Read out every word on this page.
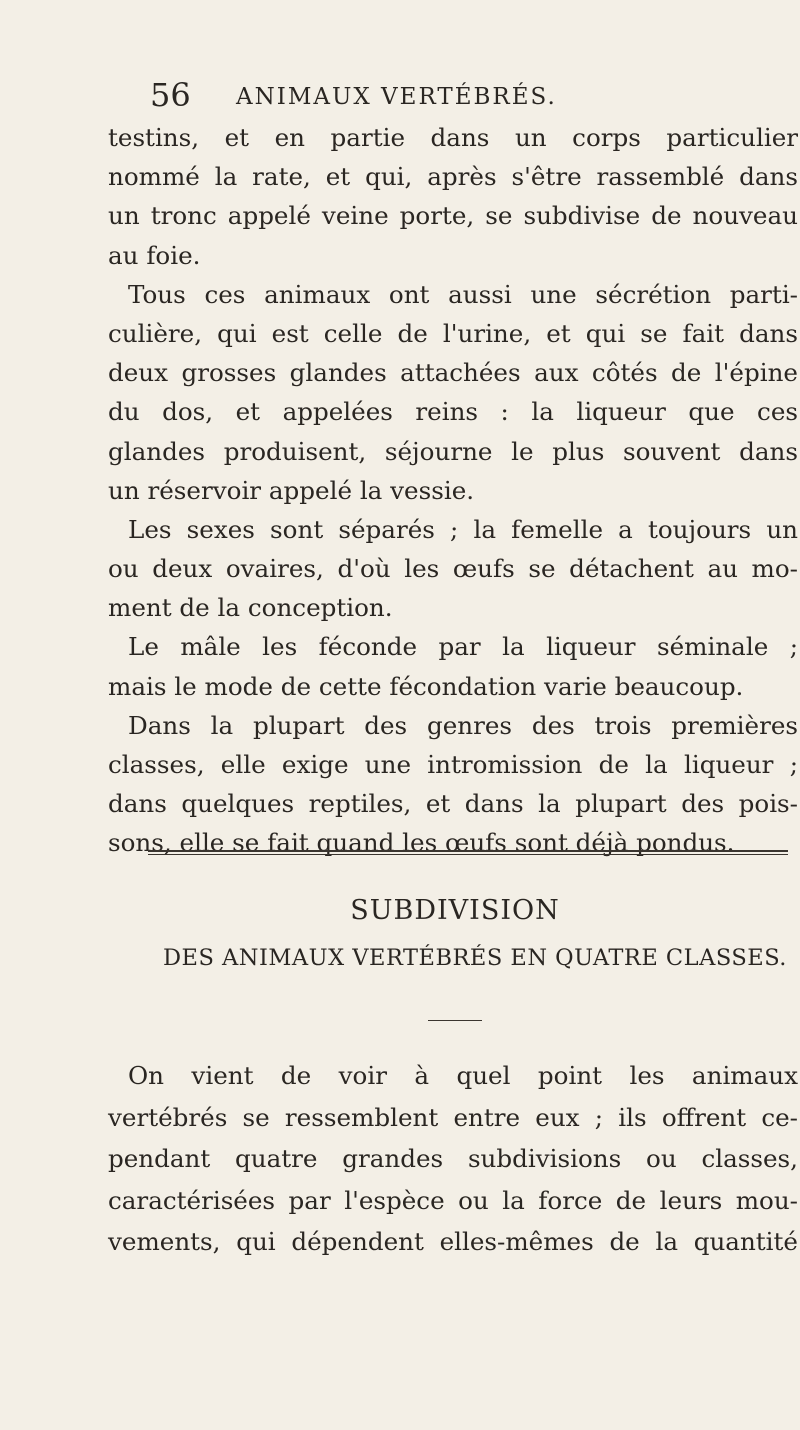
56 ANIMAUX VERTÉBRÉS.
testins, et en partie dans un corps particulier
nommé la rate, et qui, après s'être rassemblé dans
un tronc appelé veine porte, se subdivise de nouveau
au foie.
Tous ces animaux ont aussi une sécrétion parti-
culière, qui est celle de l'urine, et qui se fait dans
deux grosses glandes attachées aux côtés de l'épine
du dos, et appelées reins : la liqueur que ces
glandes produisent, séjourne le plus souvent dans
un réservoir appelé la vessie.
Les sexes sont séparés ; la femelle a toujours un
ou deux ovaires, d'où les œufs se détachent au mo-
ment de la conception.
Le mâle les féconde par la liqueur séminale ;
mais le mode de cette fécondation varie beaucoup.
Dans la plupart des genres des trois premières
classes, elle exige une intromission de la liqueur ;
dans quelques reptiles, et dans la plupart des pois-
sons, elle se fait quand les œufs sont déjà pondus.
SUBDIVISION
DES ANIMAUX VERTÉBRÉS EN QUATRE CLASSES.
On vient de voir à quel point les animaux
vertébrés se ressemblent entre eux ; ils offrent ce-
pendant quatre grandes subdivisions ou classes,
caractérisées par l'espèce ou la force de leurs mou-
vements, qui dépendent elles-mêmes de la quantité
